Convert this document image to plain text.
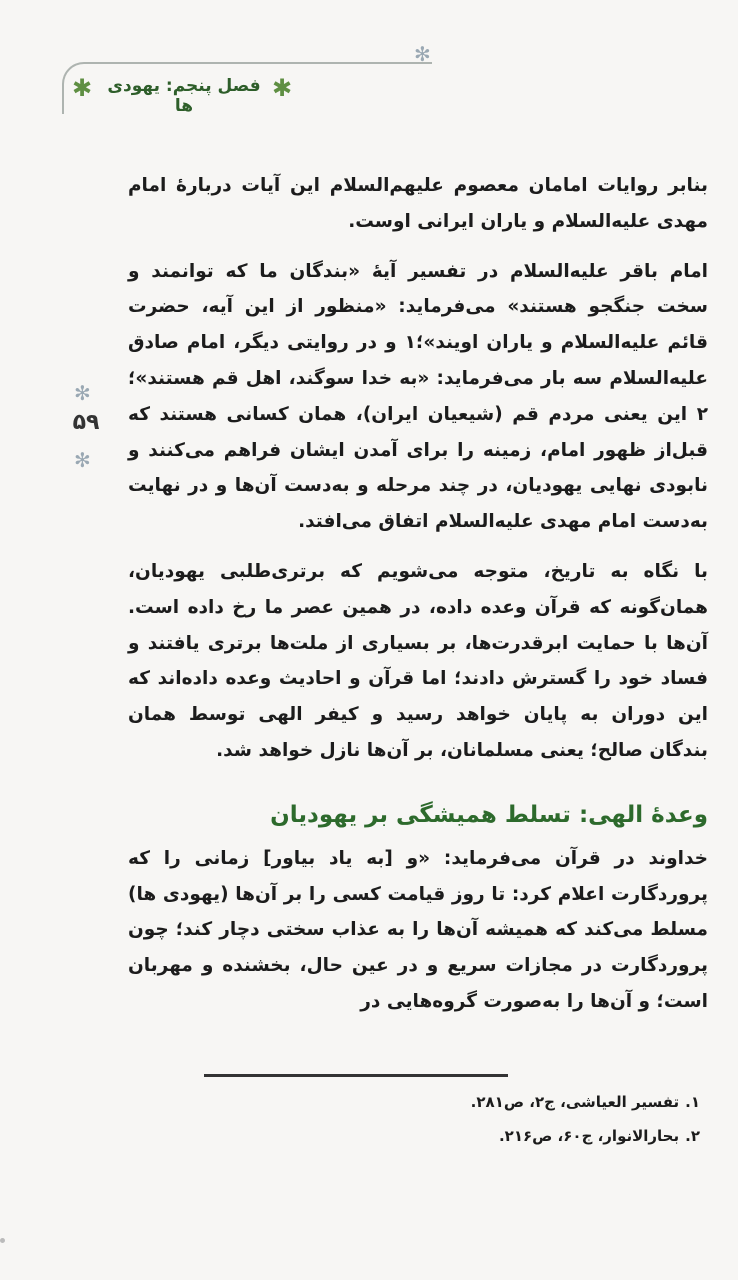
✻
✱	✱
فصل پنجم: یهودی ها
✻
۵۹
✻

بنابر روایات امامان معصوم علیهم‌السلام این آیات دربارهٔ امام مهدی علیه‌السلام و یاران ایرانی اوست.

امام باقر علیه‌السلام در تفسیر آیهٔ «بندگان ما که توانمند و سخت جنگجو هستند» می‌فرماید: «منظور از این آیه، حضرت قائم علیه‌السلام و یاران اویند»؛۱ و در روایتی دیگر، امام صادق علیه‌السلام سه بار می‌فرماید: «به خدا سوگند، اهل قم هستند»؛۲ این یعنی مردم قم (شیعیان ایران)، همان کسانی هستند که قبل‌از ظهور امام، زمینه را برای آمدن ایشان فراهم می‌کنند و نابودی نهایی یهودیان، در چند مرحله و به‌دست آن‌ها و در نهایت به‌دست امام مهدی علیه‌السلام اتفاق می‌افتد.

با نگاه به تاریخ، متوجه می‌شویم که برتری‌طلبی یهودیان، همان‌گونه که قرآن وعده داده، در همین عصر ما رخ داده است. آن‌ها با حمایت ابرقدرت‌ها، بر بسیاری از ملت‌ها برتری یافتند و فساد خود را گسترش دادند؛ اما قرآن و احادیث وعده داده‌اند که این دوران به پایان خواهد رسید و کیفر الهی توسط همان بندگان صالح؛ یعنی مسلمانان، بر آن‌ها نازل خواهد شد.

وعدهٔ الهی: تسلط همیشگی بر یهودیان

خداوند در قرآن می‌فرماید: «و [به یاد بیاور] زمانی را که پروردگارت اعلام کرد: تا روز قیامت کسی را بر آن‌ها (یهودی ها) مسلط می‌کند که همیشه آن‌ها را به عذاب سختی دچار کند؛ چون پروردگارت در مجازات سریع و در عین حال، بخشنده و مهربان است؛ و آن‌ها را به‌صورت گروه‌هایی در

۱.تفسیر العیاشی، ج۲، ص۲۸۱.

۲.بحارالانوار، ج۶۰، ص۲۱۶.
